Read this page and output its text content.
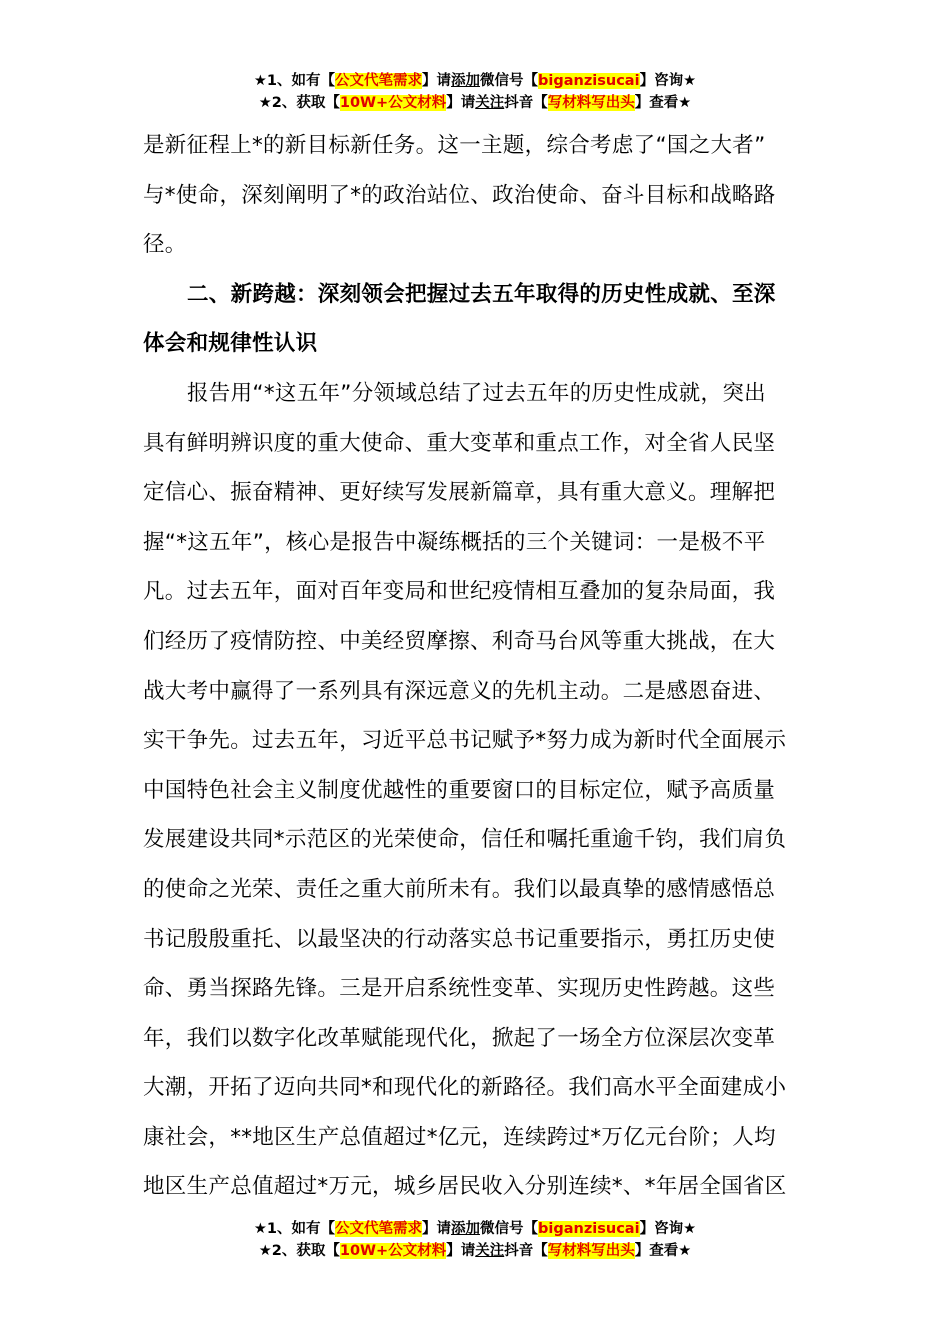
★1、如有【公文代笔需求】请添加微信号【biganzisucai】咨询★
★2、获取【10W+公文材料】请关注抖音【写材料写出头】查看★
是新征程上*的新目标新任务。这一主题，综合考虑了“国之大者”
与*使命，深刻阐明了*的政治站位、政治使命、奋斗目标和战略路
径。
二、新跨越：深刻领会把握过去五年取得的历史性成就、至深
体会和规律性认识
报告用“*这五年”分领域总结了过去五年的历史性成就，突出
具有鲜明辨识度的重大使命、重大变革和重点工作，对全省人民坚
定信心、振奋精神、更好续写发展新篇章，具有重大意义。理解把
握“*这五年”，核心是报告中凝练概括的三个关键词：一是极不平
凡。过去五年，面对百年变局和世纪疫情相互叠加的复杂局面，我
们经历了疫情防控、中美经贸摩擦、利奇马台风等重大挑战，在大
战大考中赢得了一系列具有深远意义的先机主动。二是感恩奋进、
实干争先。过去五年，习近平总书记赋予*努力成为新时代全面展示
中国特色社会主义制度优越性的重要窗口的目标定位，赋予高质量
发展建设共同*示范区的光荣使命，信任和嘱托重逾千钧，我们肩负
的使命之光荣、责任之重大前所未有。我们以最真挚的感情感悟总
书记殷殷重托、以最坚决的行动落实总书记重要指示，勇扛历史使
命、勇当探路先锋。三是开启系统性变革、实现历史性跨越。这些
年，我们以数字化改革赋能现代化，掀起了一场全方位深层次变革
大潮，开拓了迈向共同*和现代化的新路径。我们高水平全面建成小
康社会，**地区生产总值超过*亿元，连续跨过*万亿元台阶；人均
地区生产总值超过*万元，城乡居民收入分别连续*、*年居全国省区
★1、如有【公文代笔需求】请添加微信号【biganzisucai】咨询★
★2、获取【10W+公文材料】请关注抖音【写材料写出头】查看★
